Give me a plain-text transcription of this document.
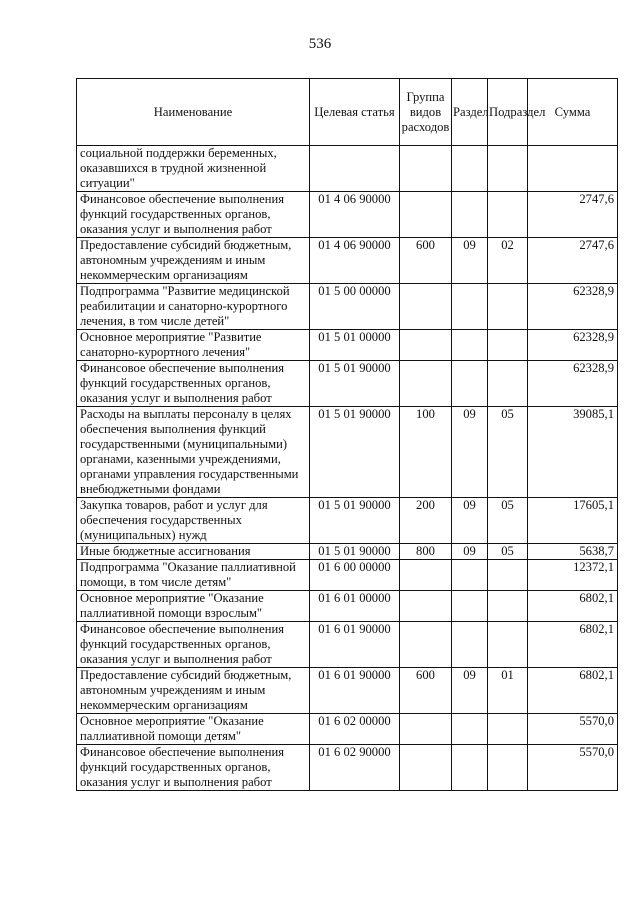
536
Наименование	Целевая статья	Группа видов расходов	Раздел	Подраздел	Сумма
социальной поддержки беременных, оказавшихся в трудной жизненной ситуации"					
Финансовое обеспечение выполнения функций государственных органов, оказания услуг и выполнения работ	01 4 06 90000				2747,6
Предоставление субсидий бюджетным, автономным учреждениям и иным некоммерческим организациям	01 4 06 90000	600	09	02	2747,6
Подпрограмма "Развитие медицинской реабилитации и санаторно-курортного лечения, в том числе детей"	01 5 00 00000				62328,9
Основное мероприятие "Развитие санаторно-курортного лечения"	01 5 01 00000				62328,9
Финансовое обеспечение выполнения функций государственных органов, оказания услуг и выполнения работ	01 5 01 90000				62328,9
Расходы на выплаты персоналу в целях обеспечения выполнения функций государственными (муниципальными) органами, казенными учреждениями, органами управления государственными внебюджетными фондами	01 5 01 90000	100	09	05	39085,1
Закупка товаров, работ и услуг для обеспечения государственных (муниципальных) нужд	01 5 01 90000	200	09	05	17605,1
Иные бюджетные ассигнования	01 5 01 90000	800	09	05	5638,7
Подпрограмма "Оказание паллиативной помощи, в том числе детям"	01 6 00 00000				12372,1
Основное мероприятие "Оказание паллиативной помощи взрослым"	01 6 01 00000				6802,1
Финансовое обеспечение выполнения функций государственных органов, оказания услуг и выполнения работ	01 6 01 90000				6802,1
Предоставление субсидий бюджетным, автономным учреждениям и иным некоммерческим организациям	01 6 01 90000	600	09	01	6802,1
Основное мероприятие "Оказание паллиативной помощи детям"	01 6 02 00000				5570,0
Финансовое обеспечение выполнения функций государственных органов, оказания услуг и выполнения работ	01 6 02 90000				5570,0
